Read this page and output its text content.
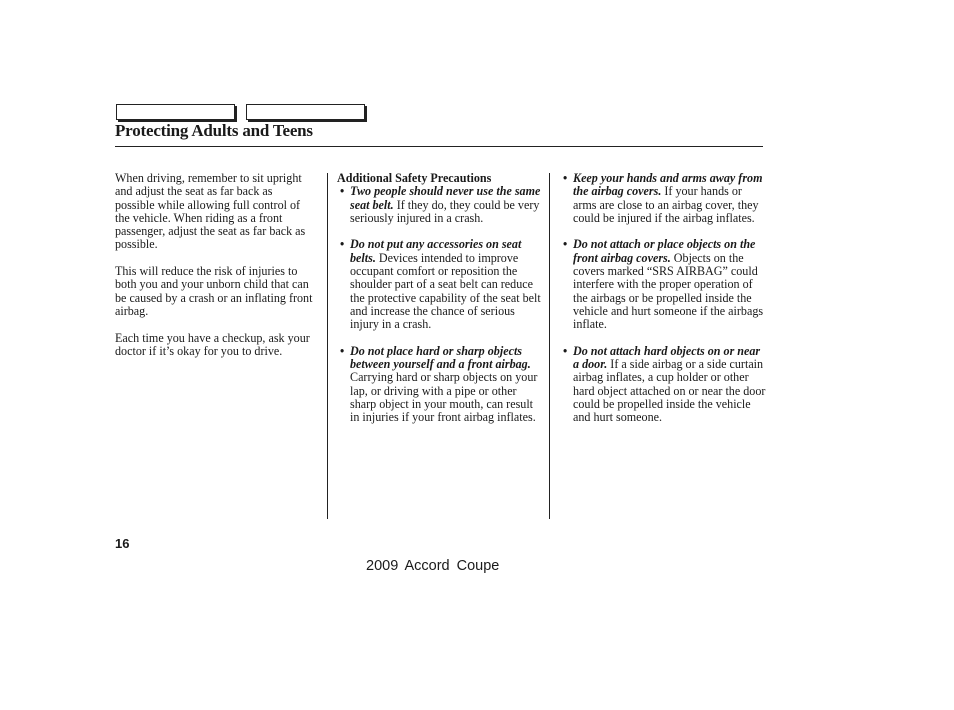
Protecting Adults and Teens

When driving, remember to sit upright and adjust the seat as far back as possible while allowing full control of the vehicle. When riding as a front passenger, adjust the seat as far back as possible.

This will reduce the risk of injuries to both you and your unborn child that can be caused by a crash or an inflating front airbag.

Each time you have a checkup, ask your doctor if it’s okay for you to drive.

Additional Safety Precautions

• Two people should never use the same seat belt. If they do, they could be very seriously injured in a crash.
• Do not put any accessories on seat belts. Devices intended to improve occupant comfort or reposition the shoulder part of a seat belt can reduce the protective capability of the seat belt and increase the chance of serious injury in a crash.
• Do not place hard or sharp objects between yourself and a front airbag. Carrying hard or sharp objects on your lap, or driving with a pipe or other sharp object in your mouth, can result in injuries if your front airbag inflates.
• Keep your hands and arms away from the airbag covers. If your hands or arms are close to an airbag cover, they could be injured if the airbag inflates.
• Do not attach or place objects on the front airbag covers. Objects on the covers marked “SRS AIRBAG” could interfere with the proper operation of the airbags or be propelled inside the vehicle and hurt someone if the airbags inflate.
• Do not attach hard objects on or near a door. If a side airbag or a side curtain airbag inflates, a cup holder or other hard object attached on or near the door could be propelled inside the vehicle and hurt someone.
16
2009 Accord Coupe
